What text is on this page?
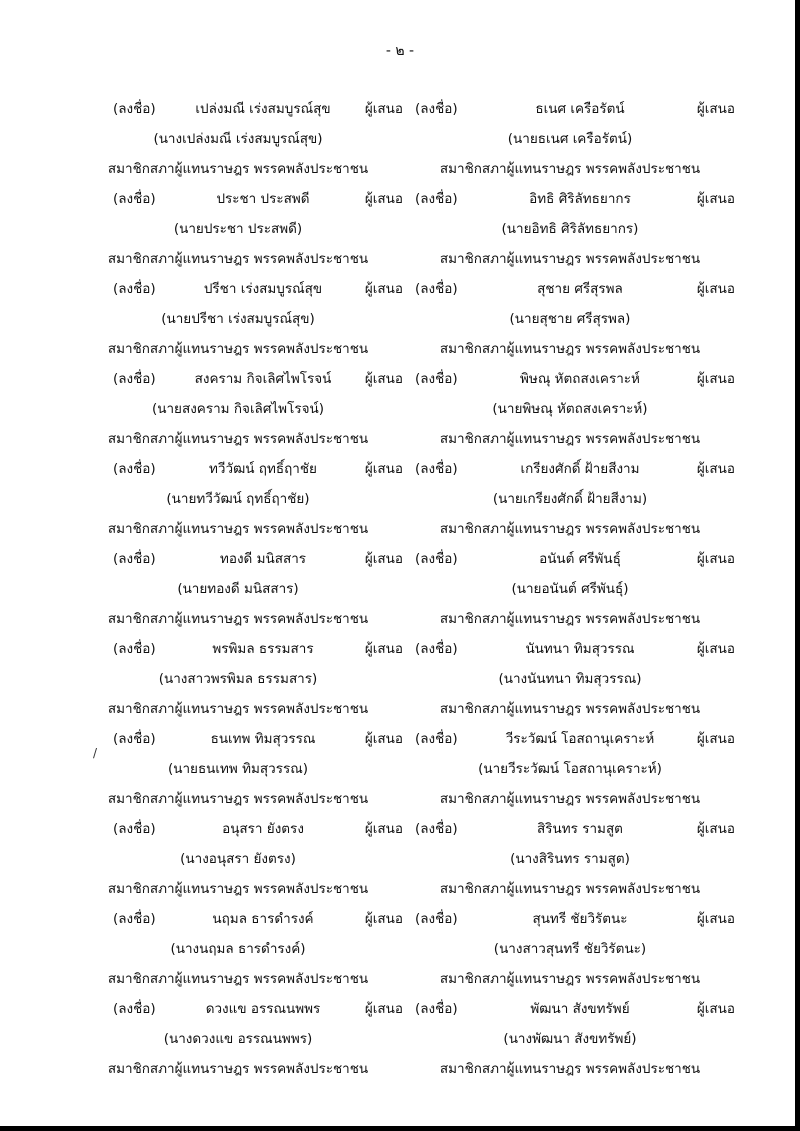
- ๒ -
(ลงชื่อ)	เปล่งมณี เร่งสมบูรณ์สุข	ผู้เสนอ
(นางเปล่งมณี เร่งสมบูรณ์สุข)
สมาชิกสภาผู้แทนราษฎร พรรคพลังประชาชน
(ลงชื่อ)	ประชา ประสพดี	ผู้เสนอ
(นายประชา ประสพดี)
สมาชิกสภาผู้แทนราษฎร พรรคพลังประชาชน
(ลงชื่อ)	ปรีชา เร่งสมบูรณ์สุข	ผู้เสนอ
(นายปรีชา เร่งสมบูรณ์สุข)
สมาชิกสภาผู้แทนราษฎร พรรคพลังประชาชน
(ลงชื่อ)	สงคราม กิจเลิศไพโรจน์	ผู้เสนอ
(นายสงคราม กิจเลิศไพโรจน์)
สมาชิกสภาผู้แทนราษฎร พรรคพลังประชาชน
(ลงชื่อ)	ทวีวัฒน์ ฤทธิ์ฤาชัย	ผู้เสนอ
(นายทวีวัฒน์ ฤทธิ์ฤาชัย)
สมาชิกสภาผู้แทนราษฎร พรรคพลังประชาชน
(ลงชื่อ)	ทองดี มนิสสาร	ผู้เสนอ
(นายทองดี มนิสสาร)
สมาชิกสภาผู้แทนราษฎร พรรคพลังประชาชน
(ลงชื่อ)	พรพิมล ธรรมสาร	ผู้เสนอ
(นางสาวพรพิมล ธรรมสาร)
สมาชิกสภาผู้แทนราษฎร พรรคพลังประชาชน
(ลงชื่อ)	ธนเทพ ทิมสุวรรณ	ผู้เสนอ
(นายธนเทพ ทิมสุวรรณ)
สมาชิกสภาผู้แทนราษฎร พรรคพลังประชาชน
(ลงชื่อ)	อนุสรา ยังตรง	ผู้เสนอ
(นางอนุสรา ยังตรง)
สมาชิกสภาผู้แทนราษฎร พรรคพลังประชาชน
(ลงชื่อ)	นฤมล ธารดำรงค์	ผู้เสนอ
(นางนฤมล ธารดำรงค์)
สมาชิกสภาผู้แทนราษฎร พรรคพลังประชาชน
(ลงชื่อ)	ดวงแข อรรณนพพร	ผู้เสนอ
(นางดวงแข อรรณนพพร)
สมาชิกสภาผู้แทนราษฎร พรรคพลังประชาชน
(ลงชื่อ)	ธเนศ เครือรัตน์	ผู้เสนอ
(นายธเนศ เครือรัตน์)
สมาชิกสภาผู้แทนราษฎร พรรคพลังประชาชน
(ลงชื่อ)	อิทธิ ศิริลัทธยากร	ผู้เสนอ
(นายอิทธิ ศิริลัทธยากร)
สมาชิกสภาผู้แทนราษฎร พรรคพลังประชาชน
(ลงชื่อ)	สุชาย ศรีสุรพล	ผู้เสนอ
(นายสุชาย ศรีสุรพล)
สมาชิกสภาผู้แทนราษฎร พรรคพลังประชาชน
(ลงชื่อ)	พิษณุ หัตถสงเคราะห์	ผู้เสนอ
(นายพิษณุ หัตถสงเคราะห์)
สมาชิกสภาผู้แทนราษฎร พรรคพลังประชาชน
(ลงชื่อ)	เกรียงศักดิ์ ฝ้ายสีงาม	ผู้เสนอ
(นายเกรียงศักดิ์ ฝ้ายสีงาม)
สมาชิกสภาผู้แทนราษฎร พรรคพลังประชาชน
(ลงชื่อ)	อนันต์ ศรีพันธุ์	ผู้เสนอ
(นายอนันต์ ศรีพันธุ์)
สมาชิกสภาผู้แทนราษฎร พรรคพลังประชาชน
(ลงชื่อ)	นันทนา ทิมสุวรรณ	ผู้เสนอ
(นางนันทนา ทิมสุวรรณ)
สมาชิกสภาผู้แทนราษฎร พรรคพลังประชาชน
(ลงชื่อ)	วีระวัฒน์ โอสถานุเคราะห์	ผู้เสนอ
(นายวีระวัฒน์ โอสถานุเคราะห์)
สมาชิกสภาผู้แทนราษฎร พรรคพลังประชาชน
(ลงชื่อ)	สิรินทร รามสูต	ผู้เสนอ
(นางสิรินทร รามสูต)
สมาชิกสภาผู้แทนราษฎร พรรคพลังประชาชน
(ลงชื่อ)	สุนทรี ชัยวิรัตนะ	ผู้เสนอ
(นางสาวสุนทรี ชัยวิรัตนะ)
สมาชิกสภาผู้แทนราษฎร พรรคพลังประชาชน
(ลงชื่อ)	พัฒนา สังขทรัพย์	ผู้เสนอ
(นางพัฒนา สังขทรัพย์)
สมาชิกสภาผู้แทนราษฎร พรรคพลังประชาชน
/
